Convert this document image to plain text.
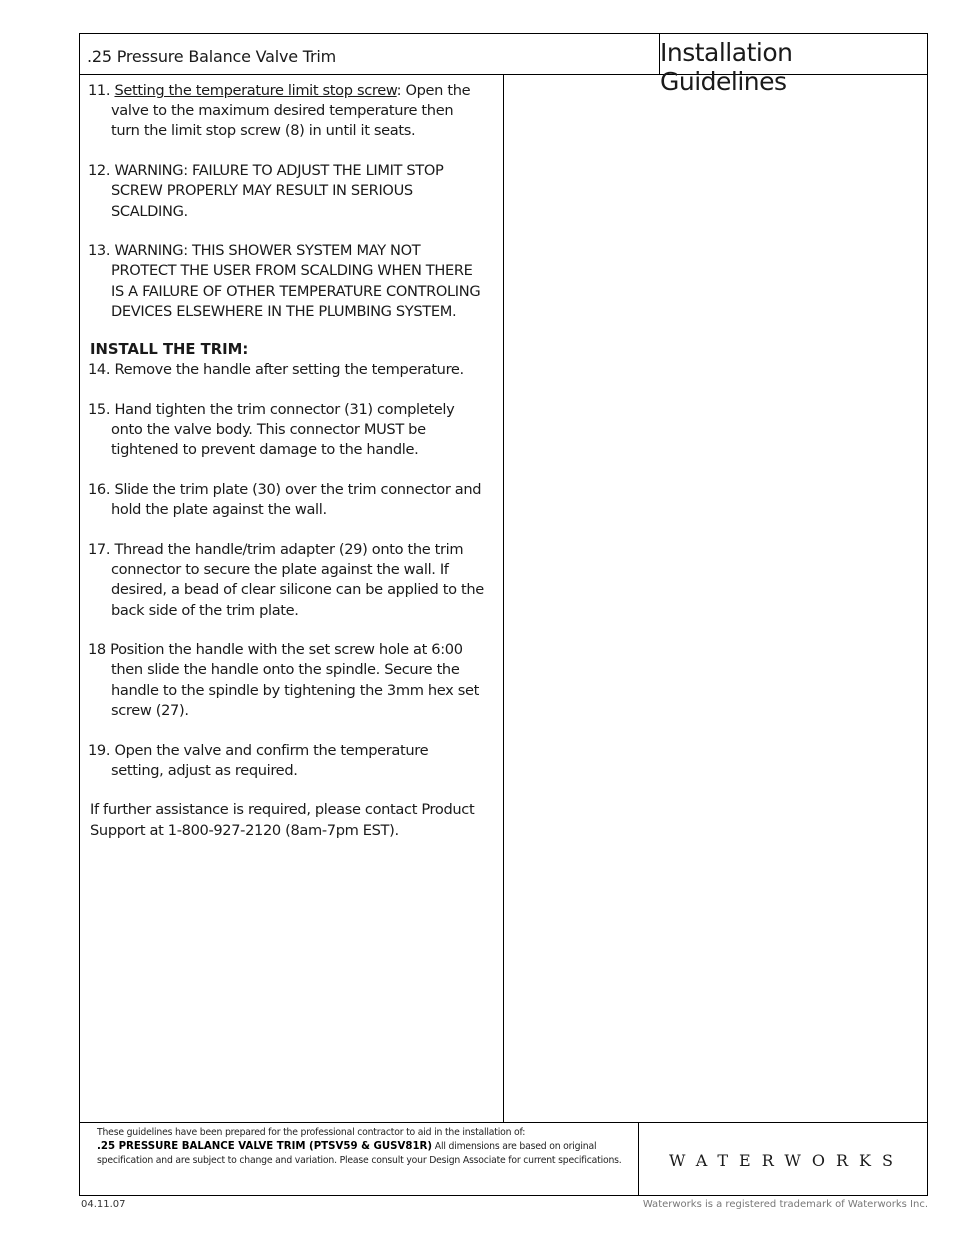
.25 Pressure Balance Valve Trim	Installation Guidelines

11. Setting the temperature limit stop screw: Open the valve to the maximum desired temperature then turn the limit stop screw (8) in until it seats.

12. WARNING: FAILURE TO ADJUST THE LIMIT STOP SCREW PROPERLY MAY RESULT IN SERIOUS SCALDING.

13. WARNING: THIS SHOWER SYSTEM MAY NOT PROTECT THE USER FROM SCALDING WHEN THERE IS A FAILURE OF OTHER TEMPERATURE CONTROLING DEVICES ELSEWHERE IN THE PLUMBING SYSTEM.

INSTALL THE TRIM:

14. Remove the handle after setting the temperature.

15. Hand tighten the trim connector (31) completely onto the valve body. This connector MUST be tightened to prevent damage to the handle.

16. Slide the trim plate (30) over the trim connector and hold the plate against the wall.

17. Thread the handle/trim adapter (29) onto the trim connector to secure the plate against the wall. If desired, a bead of clear silicone can be applied to the back side of the trim plate.

18 Position the handle with the set screw hole at 6:00 then slide the handle onto the spindle. Secure the handle to the spindle by tightening the 3mm hex set screw (27).

19. Open the valve and confirm the temperature setting, adjust as required.

If further assistance is required, please contact Product Support at 1-800-927-2120 (8am-7pm EST).

These guidelines have been prepared for the professional contractor to aid in the installation of:
.25 PRESSURE BALANCE VALVE TRIM (PTSV59 & GUSV81R) All dimensions are based on original specification and are subject to change and variation. Please consult your Design Associate for current specifications.	WATERWORKS
04.11.07	Waterworks is a registered trademark of Waterworks Inc.
